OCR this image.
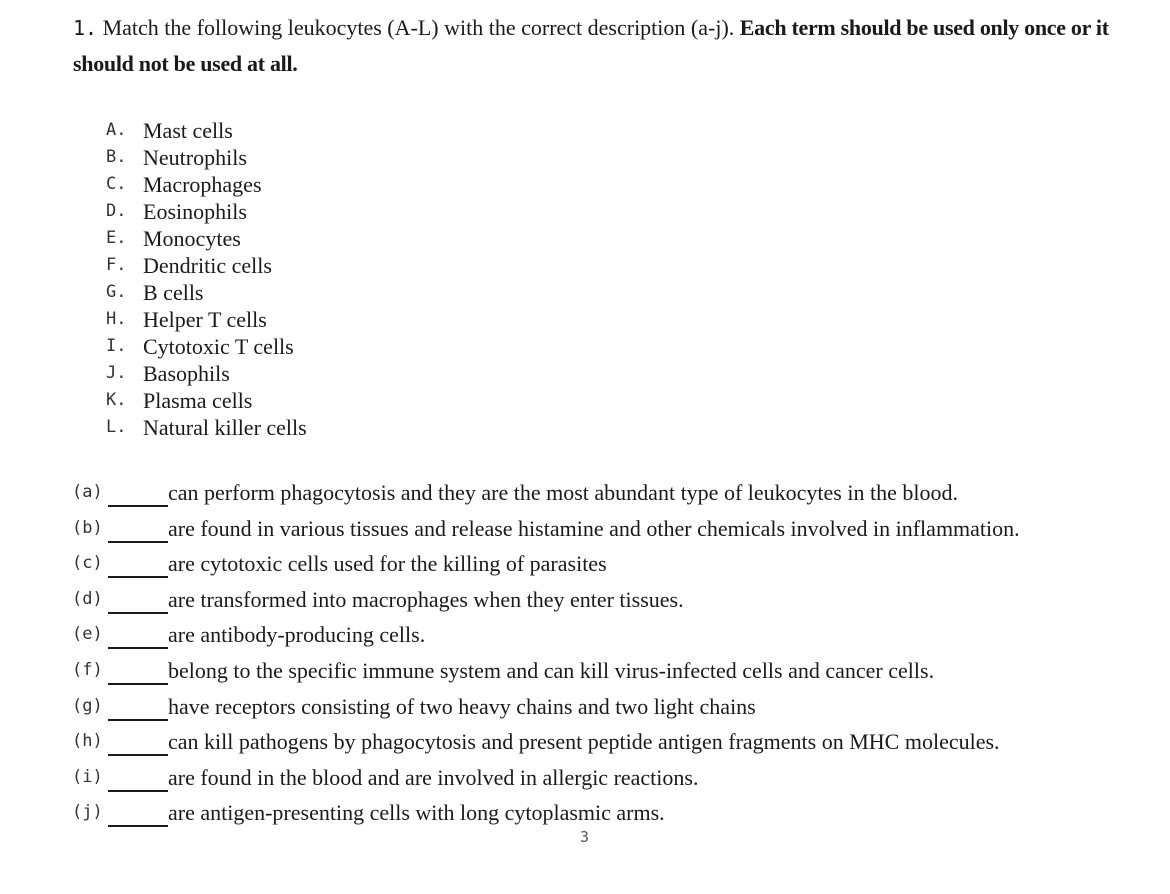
1. Match the following leukocytes (A-L) with the correct description (a-j). Each term should be used only once or it should not be used at all.
A. Mast cells
B. Neutrophils
C. Macrophages
D. Eosinophils
E. Monocytes
F. Dendritic cells
G. B cells
H. Helper T cells
I. Cytotoxic T cells
J. Basophils
K. Plasma cells
L. Natural killer cells
(a)	can perform phagocytosis and they are the most abundant type of leukocytes in the blood.
(b)	are found in various tissues and release histamine and other chemicals involved in inflammation.
(c)	are cytotoxic cells used for the killing of parasites
(d)	are transformed into macrophages when they enter tissues.
(e)	are antibody-producing cells.
(f)	belong to the specific immune system and can kill virus-infected cells and cancer cells.
(g)	have receptors consisting of two heavy chains and two light chains
(h)	can kill pathogens by phagocytosis and present peptide antigen fragments on MHC molecules.
(i)	are found in the blood and are involved in allergic reactions.
(j)	are antigen-presenting cells with long cytoplasmic arms.
3
